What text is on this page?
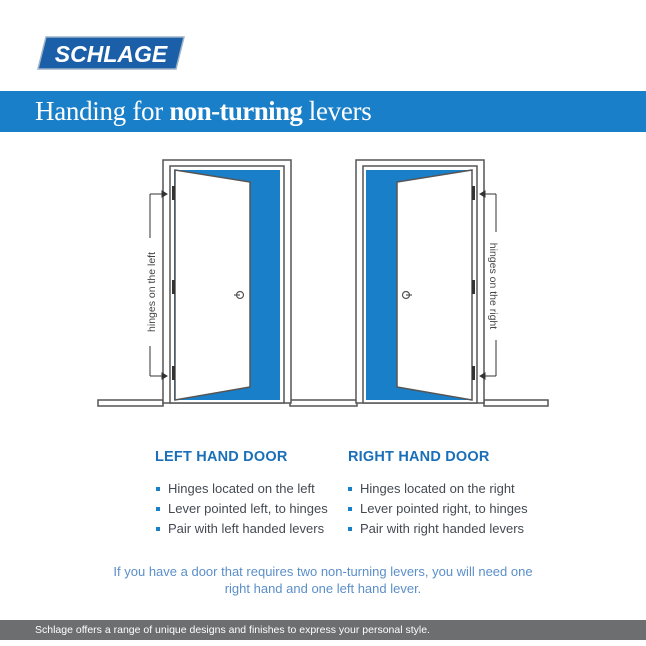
SCHLAGE
Handing for non-turning levers
hinges on the left	hinges on the right
LEFT HAND DOOR
Hinges located on the left
Lever pointed left, to hinges
Pair with left handed levers
RIGHT HAND DOOR
Hinges located on the right
Lever pointed right, to hinges
Pair with right handed levers
If you have a door that requires two non-turning levers, you will need one right hand and one left hand lever.
Schlage offers a range of unique designs and finishes to express your personal style.
